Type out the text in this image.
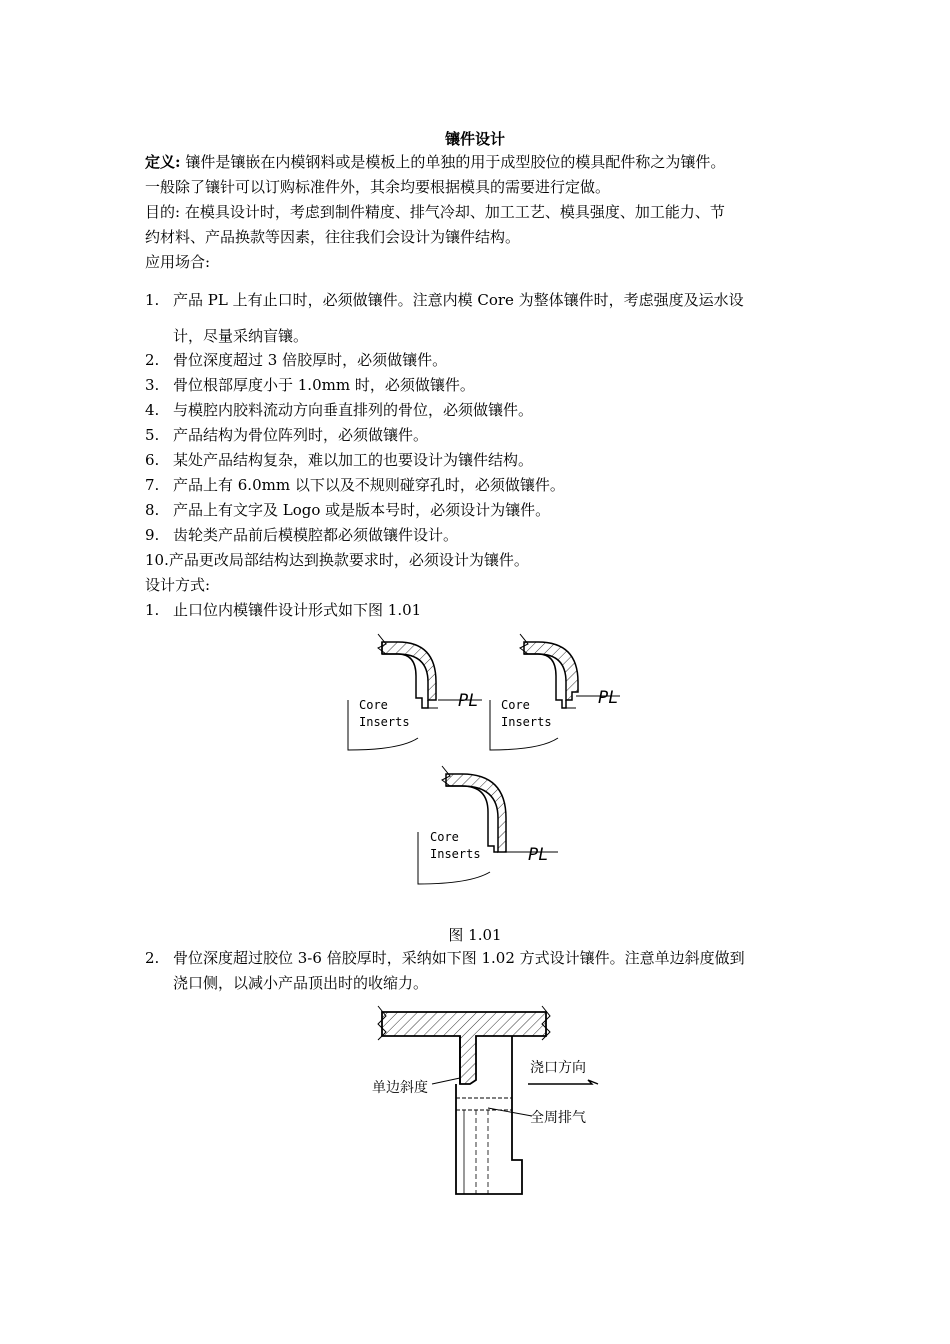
镶件设计
定义: 镶件是镶嵌在内模钢料或是模板上的单独的用于成型胶位的模具配件称之为镶件。
一般除了镶针可以订购标准件外，其余均要根据模具的需要进行定做。
目的: 在模具设计时，考虑到制件精度、排气冷却、加工工艺、模具强度、加工能力、节
约材料、产品换款等因素，往往我们会设计为镶件结构。
应用场合:
1. 产品 PL 上有止口时，必须做镶件。注意内模 Core 为整体镶件时，考虑强度及运水设
计，尽量采纳盲镶。
2. 骨位深度超过 3 倍胶厚时，必须做镶件。
3. 骨位根部厚度小于 1.0mm 时，必须做镶件。
4. 与模腔内胶料流动方向垂直排列的骨位，必须做镶件。
5. 产品结构为骨位阵列时，必须做镶件。
6. 某处产品结构复杂，难以加工的也要设计为镶件结构。
7. 产品上有 6.0mm 以下以及不规则碰穿孔时，必须做镶件。
8. 产品上有文字及 Logo 或是版本号时，必须设计为镶件。
9. 齿轮类产品前后模模腔都必须做镶件设计。
10.产品更改局部结构达到换款要求时，必须设计为镶件。
设计方式:
1. 止口位内模镶件设计形式如下图 1.01
Core
Inserts
PL Core
Inserts
PL
Core
Inserts	PL
图 1.01
2. 骨位深度超过胶位 3-6 倍胶厚时，采纳如下图 1.02 方式设计镶件。注意单边斜度做到
浇口侧，以减小产品顶出时的收缩力。
单边斜度
浇口方向
全周排气
